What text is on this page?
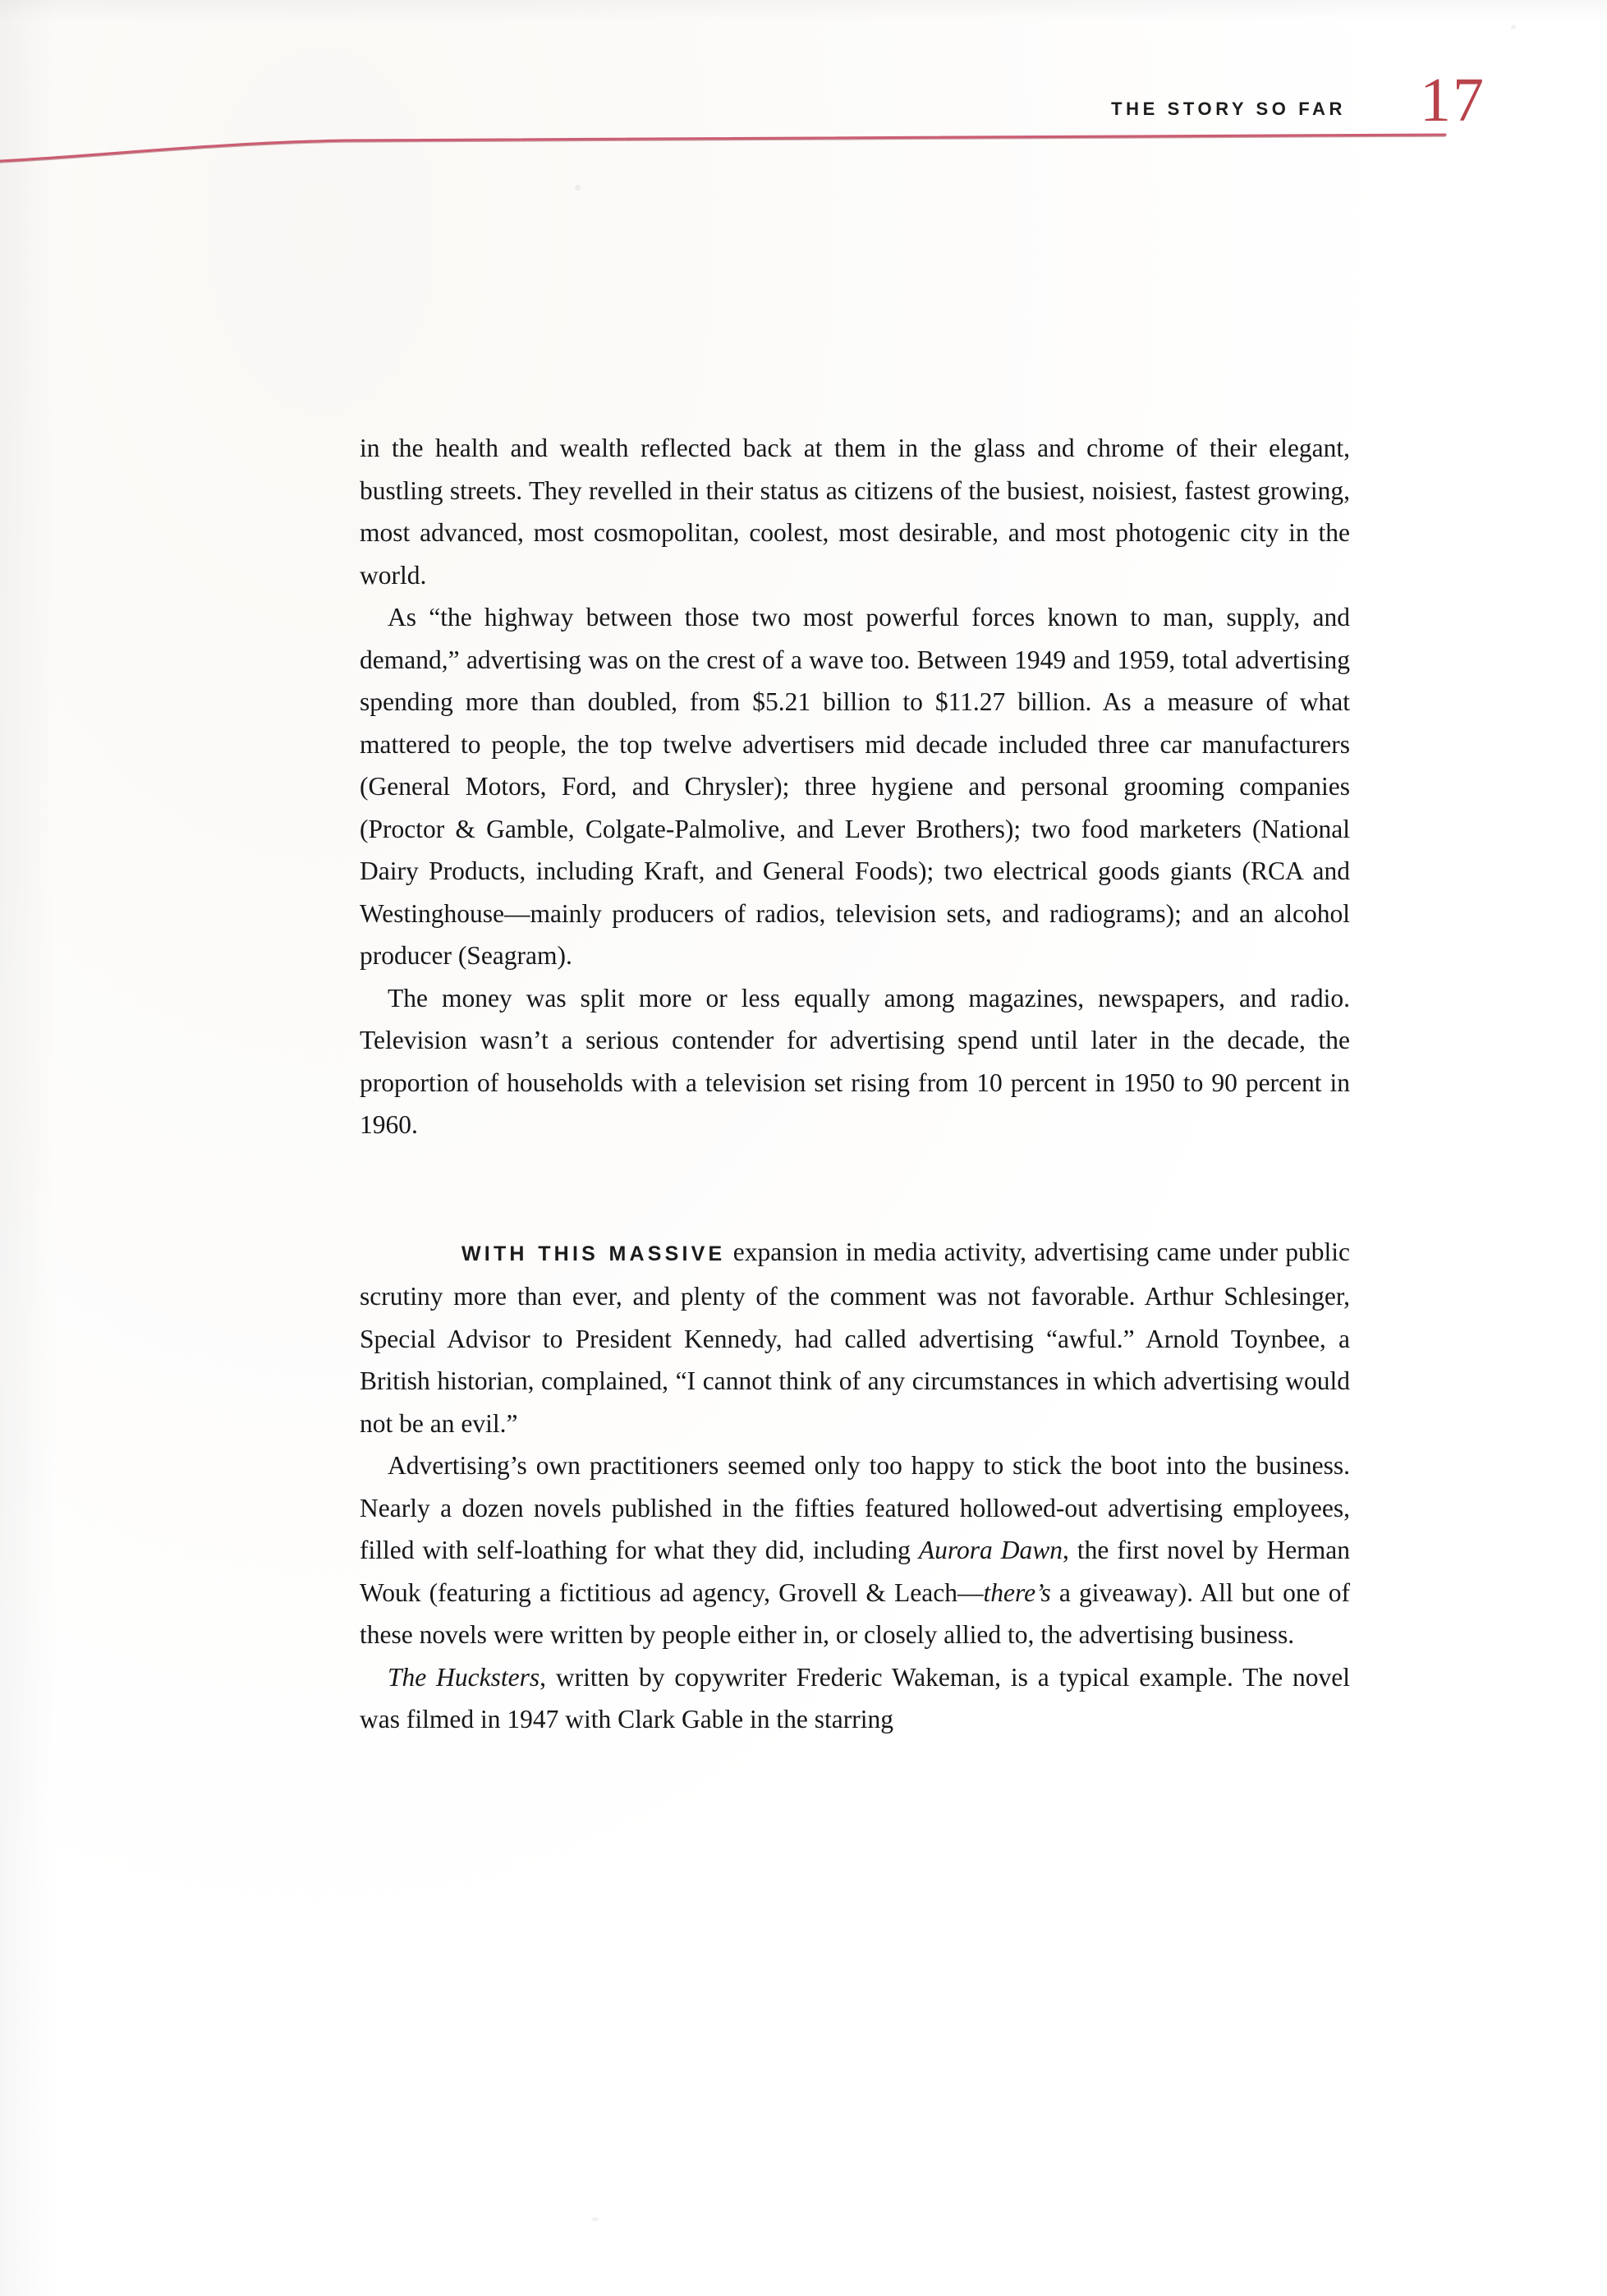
THE STORY SO FAR 17

in the health and wealth reflected back at them in the glass and chrome of their elegant, bustling streets. They revelled in their status as citizens of the busiest, noisiest, fastest growing, most advanced, most cosmopolitan, coolest, most desirable, and most photogenic city in the world.

As “the highway between those two most powerful forces known to man, supply, and demand,” advertising was on the crest of a wave too. Between 1949 and 1959, total advertising spending more than doubled, from $5.21 billion to $11.27 billion. As a measure of what mattered to people, the top twelve advertisers mid decade included three car manufacturers (General Motors, Ford, and Chrysler); three hygiene and personal grooming companies (Proctor & Gamble, Colgate-Palmolive, and Lever Brothers); two food marketers (National Dairy Products, including Kraft, and General Foods); two electrical goods giants (RCA and Westinghouse—mainly producers of radios, television sets, and radiograms); and an alcohol producer (Seagram).

The money was split more or less equally among magazines, newspapers, and radio. Television wasn’t a serious contender for advertising spend until later in the decade, the proportion of households with a television set rising from 10 percent in 1950 to 90 percent in 1960.

WITH THIS MASSIVE expansion in media activity, advertising came under public scrutiny more than ever, and plenty of the comment was not favorable. Arthur Schlesinger, Special Advisor to President Kennedy, had called advertising “awful.” Arnold Toynbee, a British historian, complained, “I cannot think of any circumstances in which advertising would not be an evil.”

Advertising’s own practitioners seemed only too happy to stick the boot into the business. Nearly a dozen novels published in the fifties featured hollowed-out advertising employees, filled with self-loathing for what they did, including Aurora Dawn, the first novel by Herman Wouk (featuring a fictitious ad agency, Grovell & Leach—there’s a giveaway). All but one of these novels were written by people either in, or closely allied to, the advertising business.

The Hucksters, written by copywriter Frederic Wakeman, is a typical example. The novel was filmed in 1947 with Clark Gable in the starring
